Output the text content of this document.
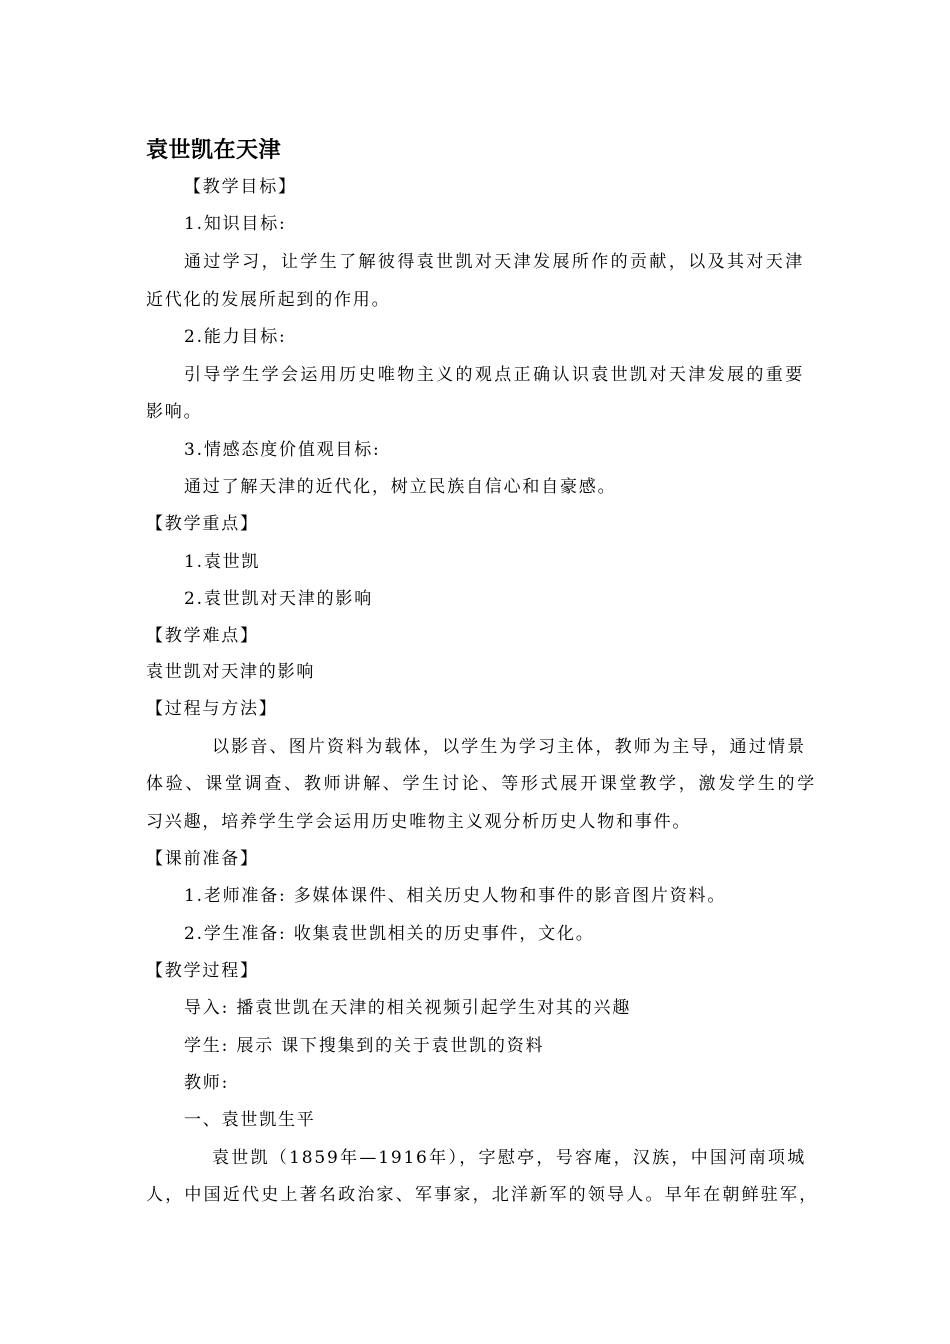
袁世凯在天津
【教学目标】
1.知识目标:
通过学习，让学生了解彼得袁世凯对天津发展所作的贡献，以及其对天津
近代化的发展所起到的作用。
2.能力目标:
引导学生学会运用历史唯物主义的观点正确认识袁世凯对天津发展的重要
影响。
3.情感态度价值观目标:
通过了解天津的近代化，树立民族自信心和自豪感。
【教学重点】
1.袁世凯
2.袁世凯对天津的影响
【教学难点】
袁世凯对天津的影响
【过程与方法】
以影音、图片资料为载体，以学生为学习主体，教师为主导，通过情景
体验、课堂调查、教师讲解、学生讨论、等形式展开课堂教学，激发学生的学
习兴趣，培养学生学会运用历史唯物主义观分析历史人物和事件。
【课前准备】
1.老师准备: 多媒体课件、相关历史人物和事件的影音图片资料。
2.学生准备: 收集袁世凯相关的历史事件，文化。
【教学过程】
导入: 播袁世凯在天津的相关视频引起学生对其的兴趣
学生: 展示 课下搜集到的关于袁世凯的资料
教师:
一、袁世凯生平
袁世凯（1859年—1916年），字慰亭，号容庵，汉族，中国河南项城
人，中国近代史上著名政治家、军事家，北洋新军的领导人。早年在朝鲜驻军，
